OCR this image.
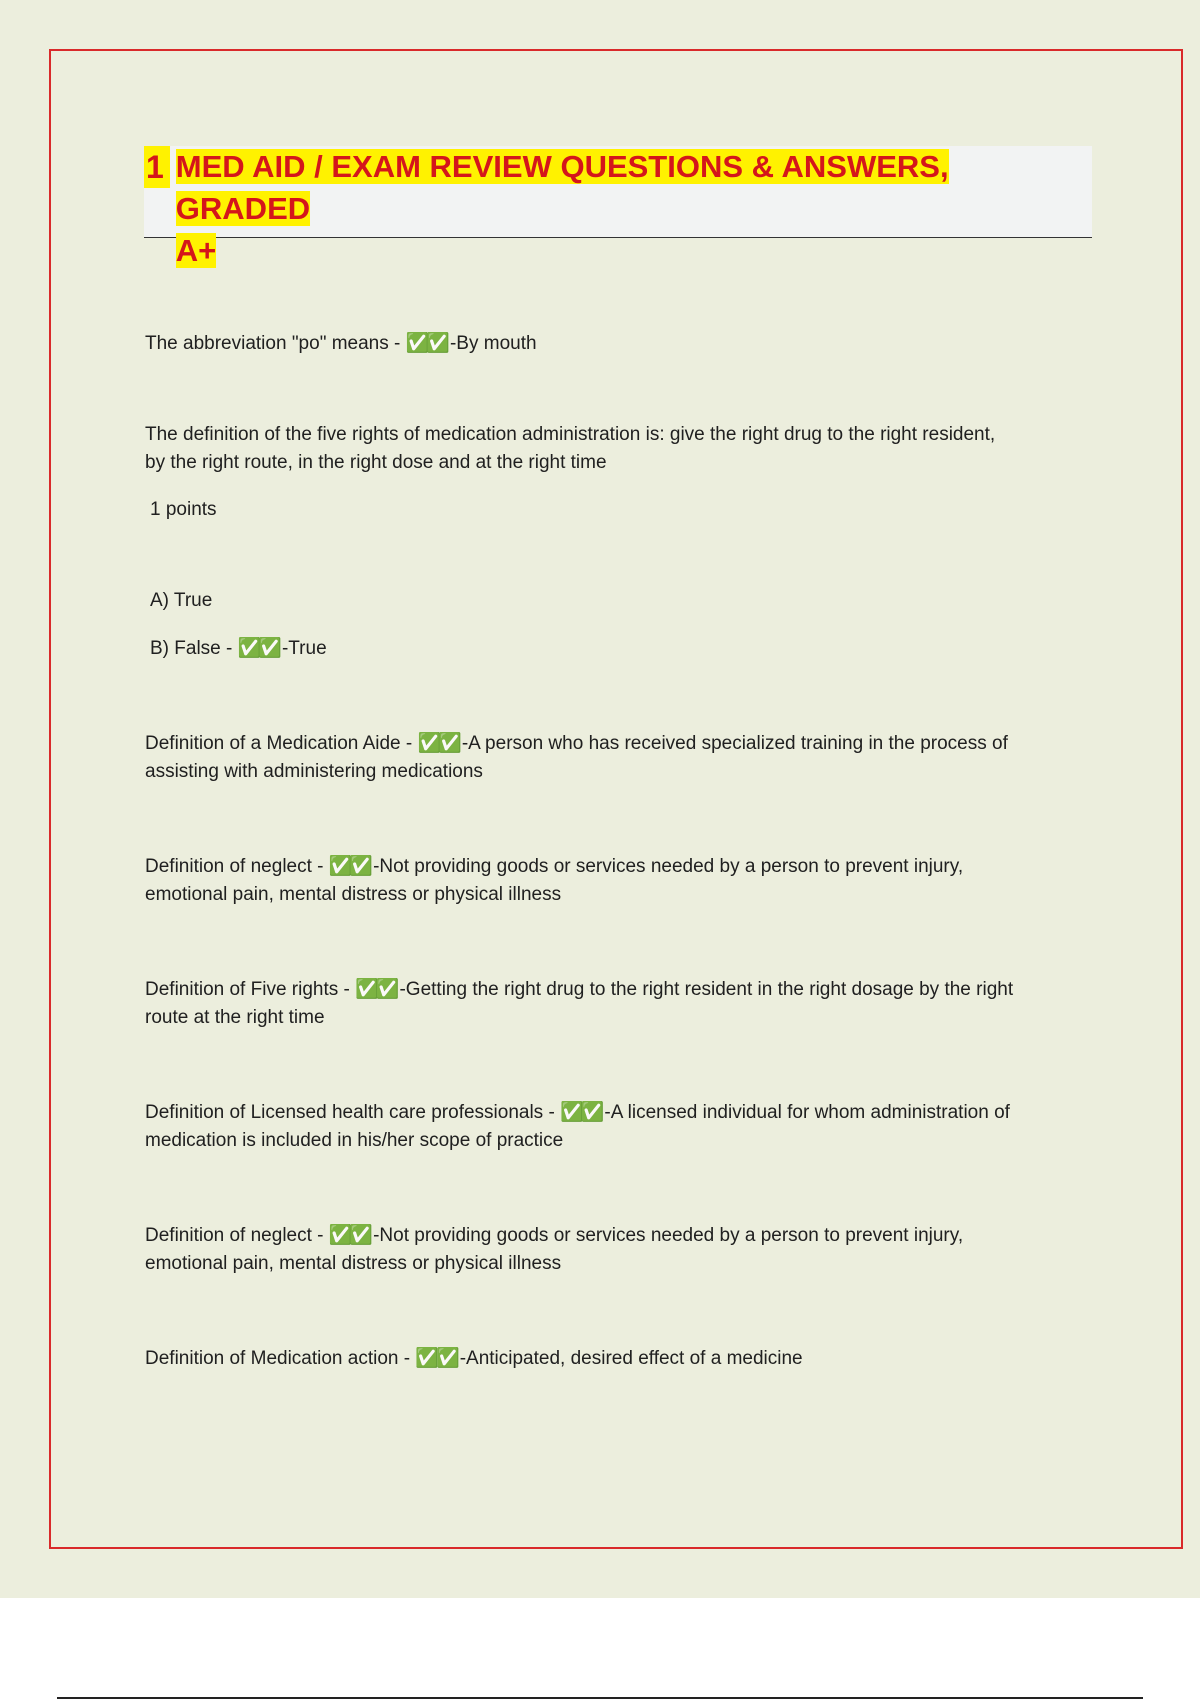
1 MED AID / EXAM REVIEW QUESTIONS & ANSWERS, GRADED
A+
The abbreviation "po" means - ✅✅ -By mouth
The definition of the five rights of medication administration is: give the right drug to the right resident,
by the right route, in the right dose and at the right time
1 points
A) True
B) False - ✅✅ -True
Definition of a Medication Aide - ✅✅ -A person who has received specialized training in the process of
assisting with administering medications
Definition of neglect - ✅✅ -Not providing goods or services needed by a person to prevent injury,
emotional pain, mental distress or physical illness
Definition of Five rights - ✅✅ -Getting the right drug to the right resident in the right dosage by the right
route at the right time
Definition of Licensed health care professionals - ✅✅ -A licensed individual for whom administration of
medication is included in his/her scope of practice
Definition of neglect - ✅✅ -Not providing goods or services needed by a person to prevent injury,
emotional pain, mental distress or physical illness
Definition of Medication action - ✅✅ -Anticipated, desired effect of a medicine
